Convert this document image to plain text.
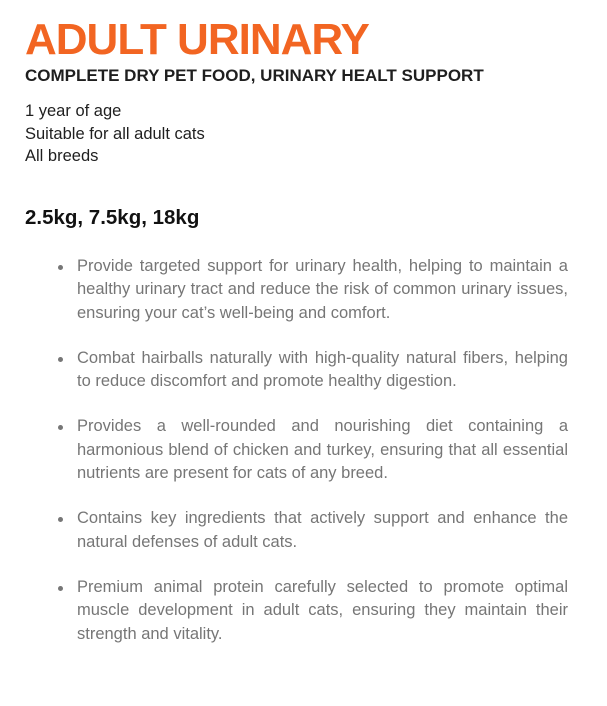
ADULT URINARY
COMPLETE DRY PET FOOD, URINARY HEALT SUPPORT
1 year of age
Suitable for all adult cats
All breeds
2.5kg, 7.5kg, 18kg
Provide targeted support for urinary health, helping to maintain a healthy urinary tract and reduce the risk of common urinary issues, ensuring your cat’s well-being and comfort.
Combat hairballs naturally with high-quality natural fibers, helping to reduce discomfort and promote healthy digestion.
Provides a well-rounded and nourishing diet containing a harmonious blend of chicken and turkey, ensuring that all essential nutrients are present for cats of any breed.
Contains key ingredients that actively support and enhance the natural defenses of adult cats.
Premium animal protein carefully selected to promote optimal muscle development in adult cats, ensuring they maintain their strength and vitality.
